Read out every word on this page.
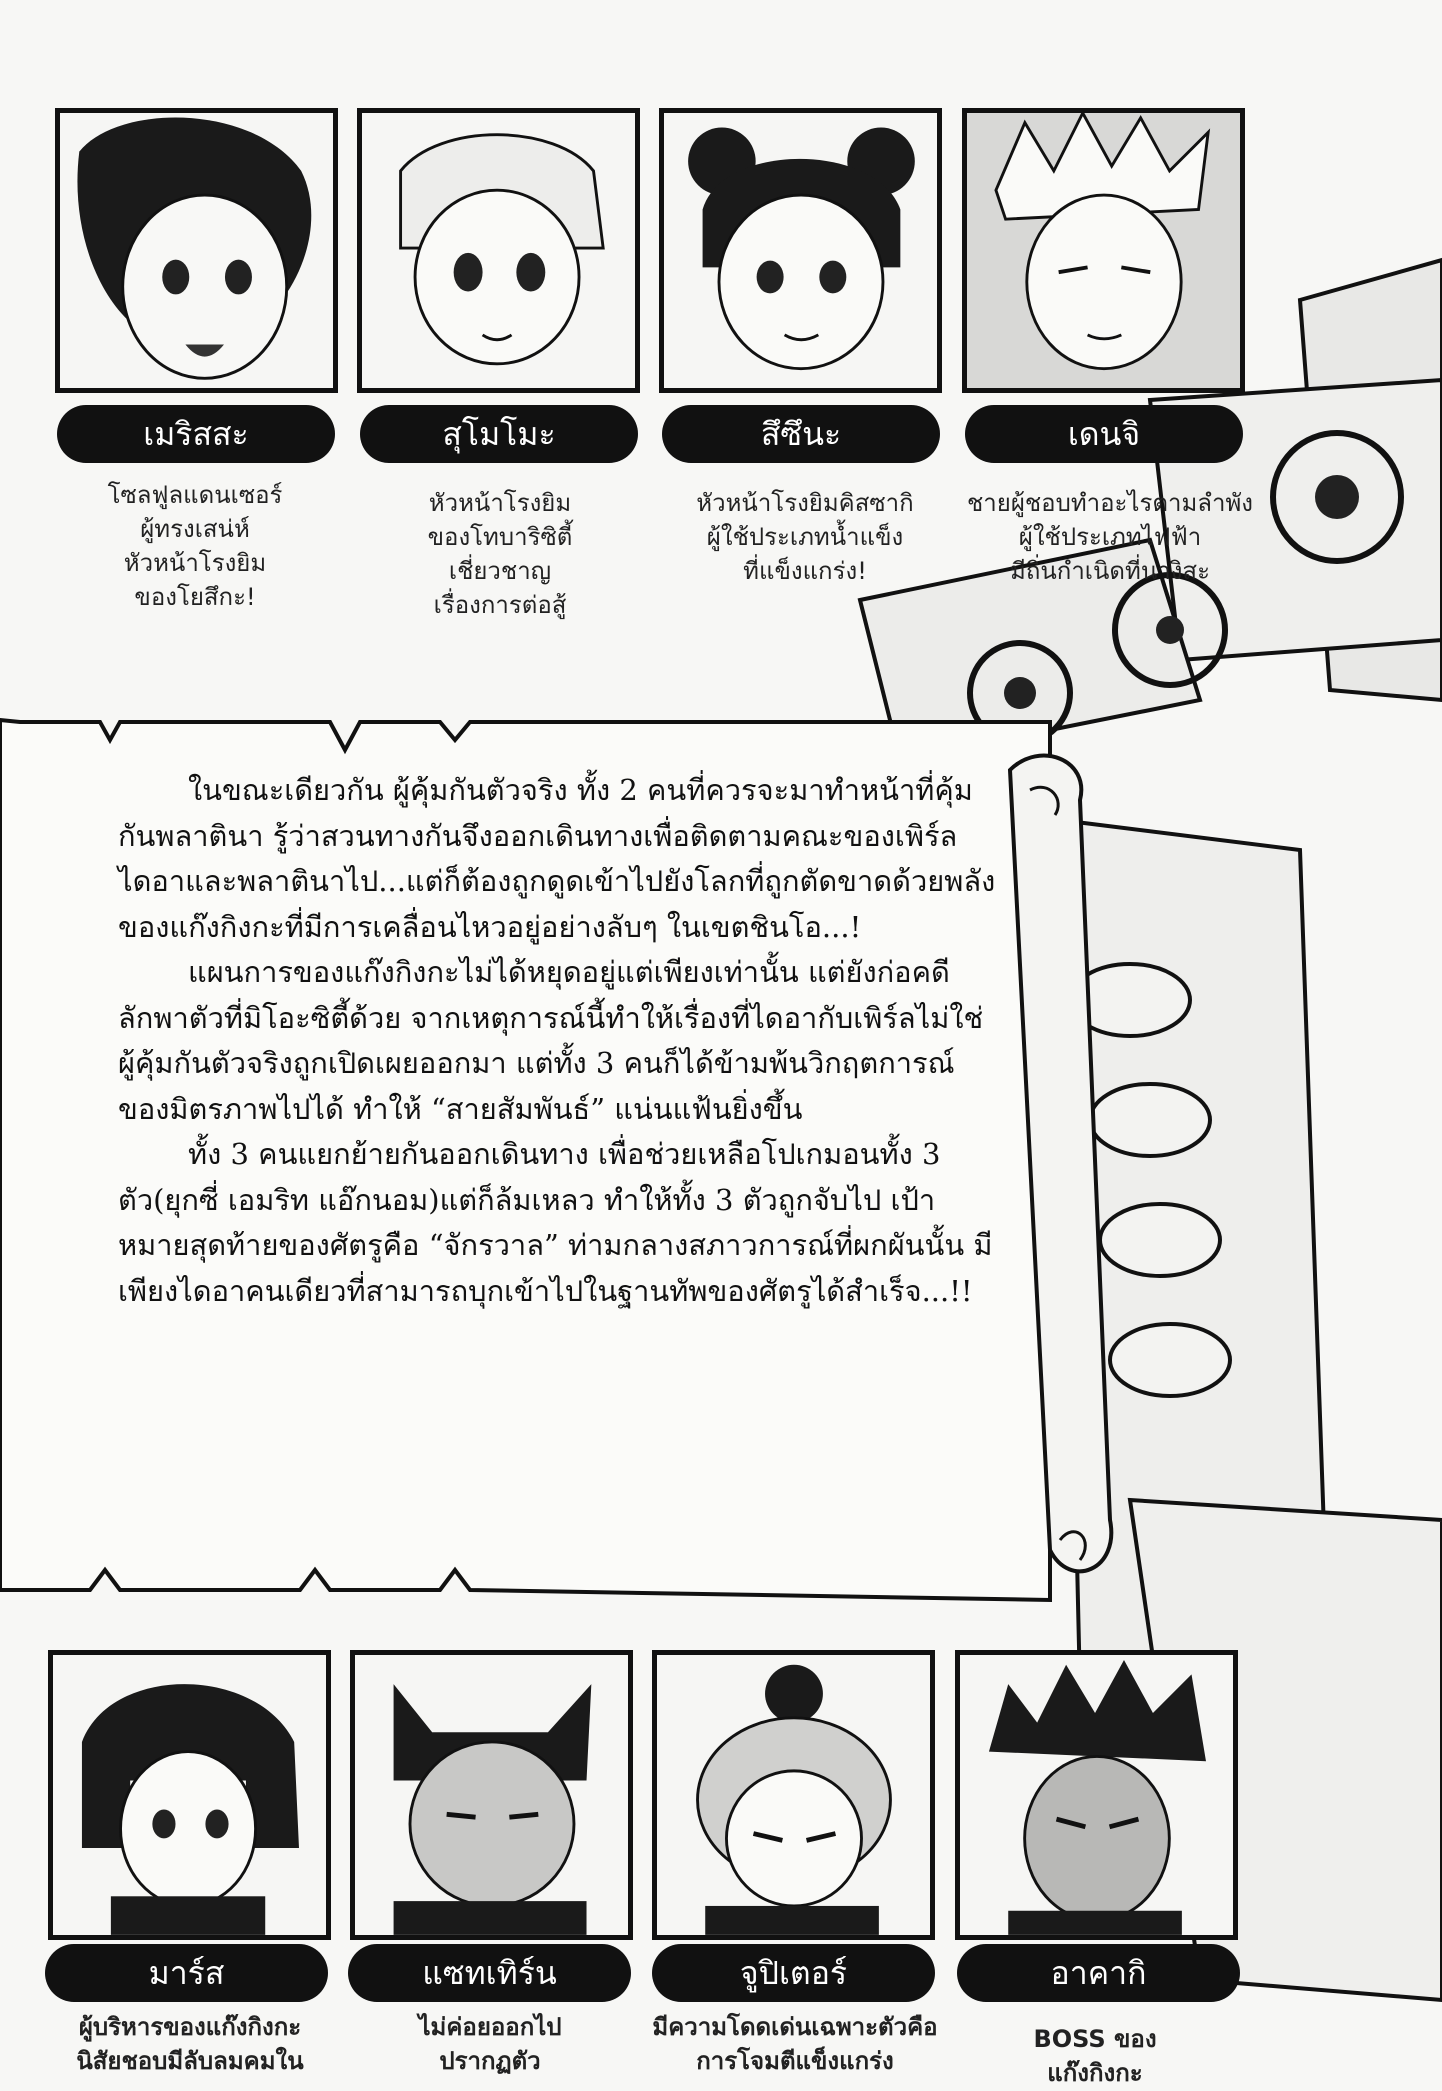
เมริสสะ	สุโมโมะ	สึซึนะ	เดนจิ
โซลฟูลแดนเซอร์
ผู้ทรงเสน่ห์
หัวหน้าโรงยิม
ของโยสึกะ!
หัวหน้าโรงยิม
ของโทบาริซิตี้
เชี่ยวชาญ
เรื่องการต่อสู้
หัวหน้าโรงยิมคิสซากิ
ผู้ใช้ประเภทน้ำแข็ง
ที่แข็งแกร่ง!
ชายผู้ชอบทำอะไรตามลำพัง
ผู้ใช้ประเภทไฟฟ้า
มีถิ่นกำเนิดที่นางิสะ

ในขณะเดียวกัน ผู้คุ้มกันตัวจริง ทั้ง 2 คนที่ควรจะมาทำหน้าที่คุ้มกันพลาตินา รู้ว่าสวนทางกันจึงออกเดินทางเพื่อติดตามคณะของเพิร์ล ไดอาและพลาตินาไป...แต่ก็ต้องถูกดูดเข้าไปยังโลกที่ถูกตัดขาดด้วยพลังของแก๊งกิงกะที่มีการเคลื่อนไหวอยู่อย่างลับๆ ในเขตชินโอ...!

แผนการของแก๊งกิงกะไม่ได้หยุดอยู่แต่เพียงเท่านั้น แต่ยังก่อคดีลักพาตัวที่มิโอะซิตี้ด้วย จากเหตุการณ์นี้ทำให้เรื่องที่ไดอากับเพิร์ลไม่ใช่ผู้คุ้มกันตัวจริงถูกเปิดเผยออกมา แต่ทั้ง 3 คนก็ได้ข้ามพ้นวิกฤตการณ์ของมิตรภาพไปได้ ทำให้ “สายสัมพันธ์” แน่นแฟ้นยิ่งขึ้น

ทั้ง 3 คนแยกย้ายกันออกเดินทาง เพื่อช่วยเหลือโปเกมอนทั้ง 3 ตัว(ยุกซี่ เอมริท แอ๊กนอม)แต่ก็ล้มเหลว ทำให้ทั้ง 3 ตัวถูกจับไป เป้าหมายสุดท้ายของศัตรูคือ “จักรวาล” ท่ามกลางสภาวการณ์ที่ผกผันนั้น มีเพียงไดอาคนเดียวที่สามารถบุกเข้าไปในฐานทัพของศัตรูได้สำเร็จ...!!

มาร์ส	แซทเทิร์น	จูปิเตอร์	อาคากิ
ผู้บริหารของแก๊งกิงกะ
นิสัยชอบมีลับลมคมใน
ไม่ค่อยออกไป
ปรากฏตัว
มีความโดดเด่นเฉพาะตัวคือ
การโจมตีแข็งแกร่ง
BOSS ของ
แก๊งกิงกะ
